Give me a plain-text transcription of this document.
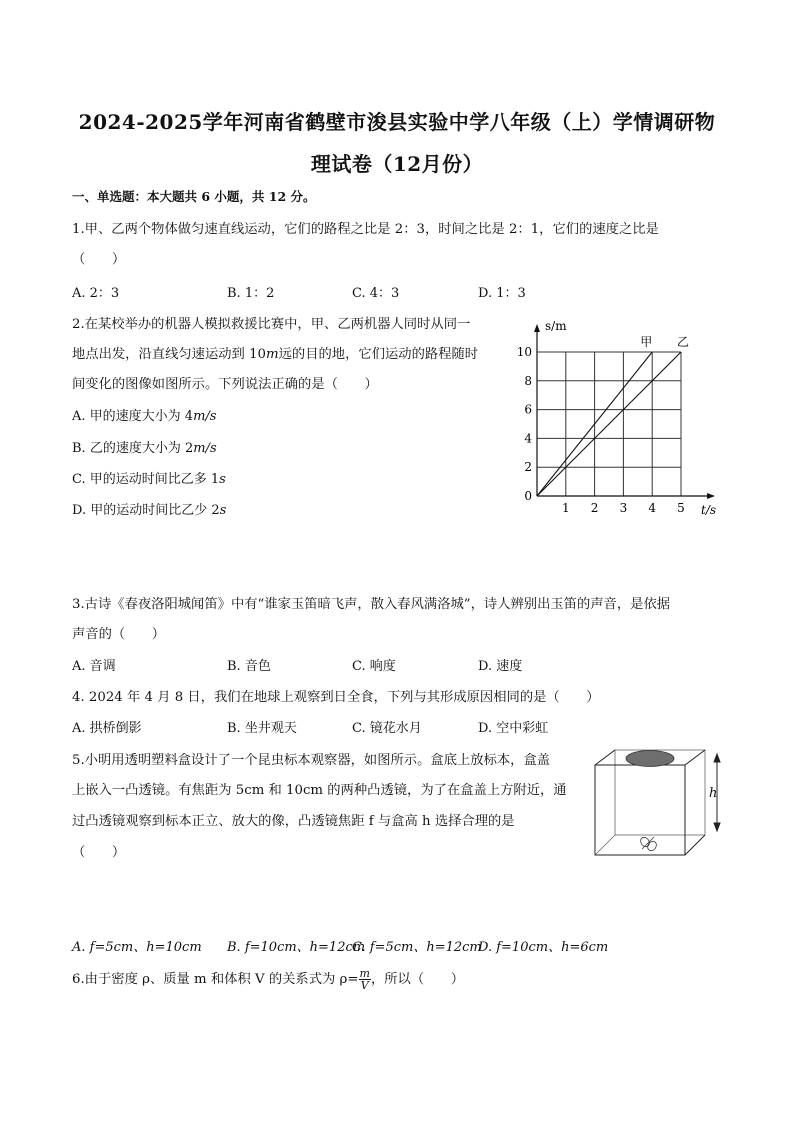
2024-2025学年河南省鹤壁市浚县实验中学八年级（上）学情调研物
理试卷（12月份）
一、单选题：本大题共 6 小题，共 12 分。
1.甲、乙两个物体做匀速直线运动，它们的路程之比是 2：3，时间之比是 2：1，它们的速度之比是
（　　）
A. 2：3	B. 1：2	C. 4：3	D. 1：3
2.在某校举办的机器人模拟救援比赛中，甲、乙两机器人同时从同一
地点出发，沿直线匀速运动到 10m远的目的地，它们运动的路程随时
间变化的图像如图所示。下列说法正确的是（　　）
A. 甲的速度大小为 4m/s
B. 乙的速度大小为 2m/s
C. 甲的运动时间比乙多 1s
D. 甲的运动时间比乙少 2s
s/m
t/s
1 2 3 4 5
0
2
4
6
8
10
甲 乙
3.古诗《春夜洛阳城闻笛》中有“谁家玉笛暗飞声，散入春风满洛城”，诗人辨别出玉笛的声音，是依据
声音的（　　）
A. 音调	B. 音色	C. 响度	D. 速度
4. 2024 年 4 月 8 日，我们在地球上观察到日全食，下列与其形成原因相同的是（　　）
A. 拱桥倒影	B. 坐井观天	C. 镜花水月	D. 空中彩虹
5.小明用透明塑料盒设计了一个昆虫标本观察器，如图所示。盒底上放标本，盒盖
上嵌入一凸透镜。有焦距为 5cm 和 10cm 的两种凸透镜，为了在盒盖上方附近，通
过凸透镜观察到标本正立、放大的像，凸透镜焦距 f 与盒高 h 选择合理的是
（　　）
h
A. f=5cm、h=10cm B. f=10cm、h=12cm
C. f=5cm、h=12cm
D. f=10cm、h=6cm
6.由于密度 ρ、质量 m 和体积 V 的关系式为 $\rho= \frac{m}{V}$ ，所以（　　）
